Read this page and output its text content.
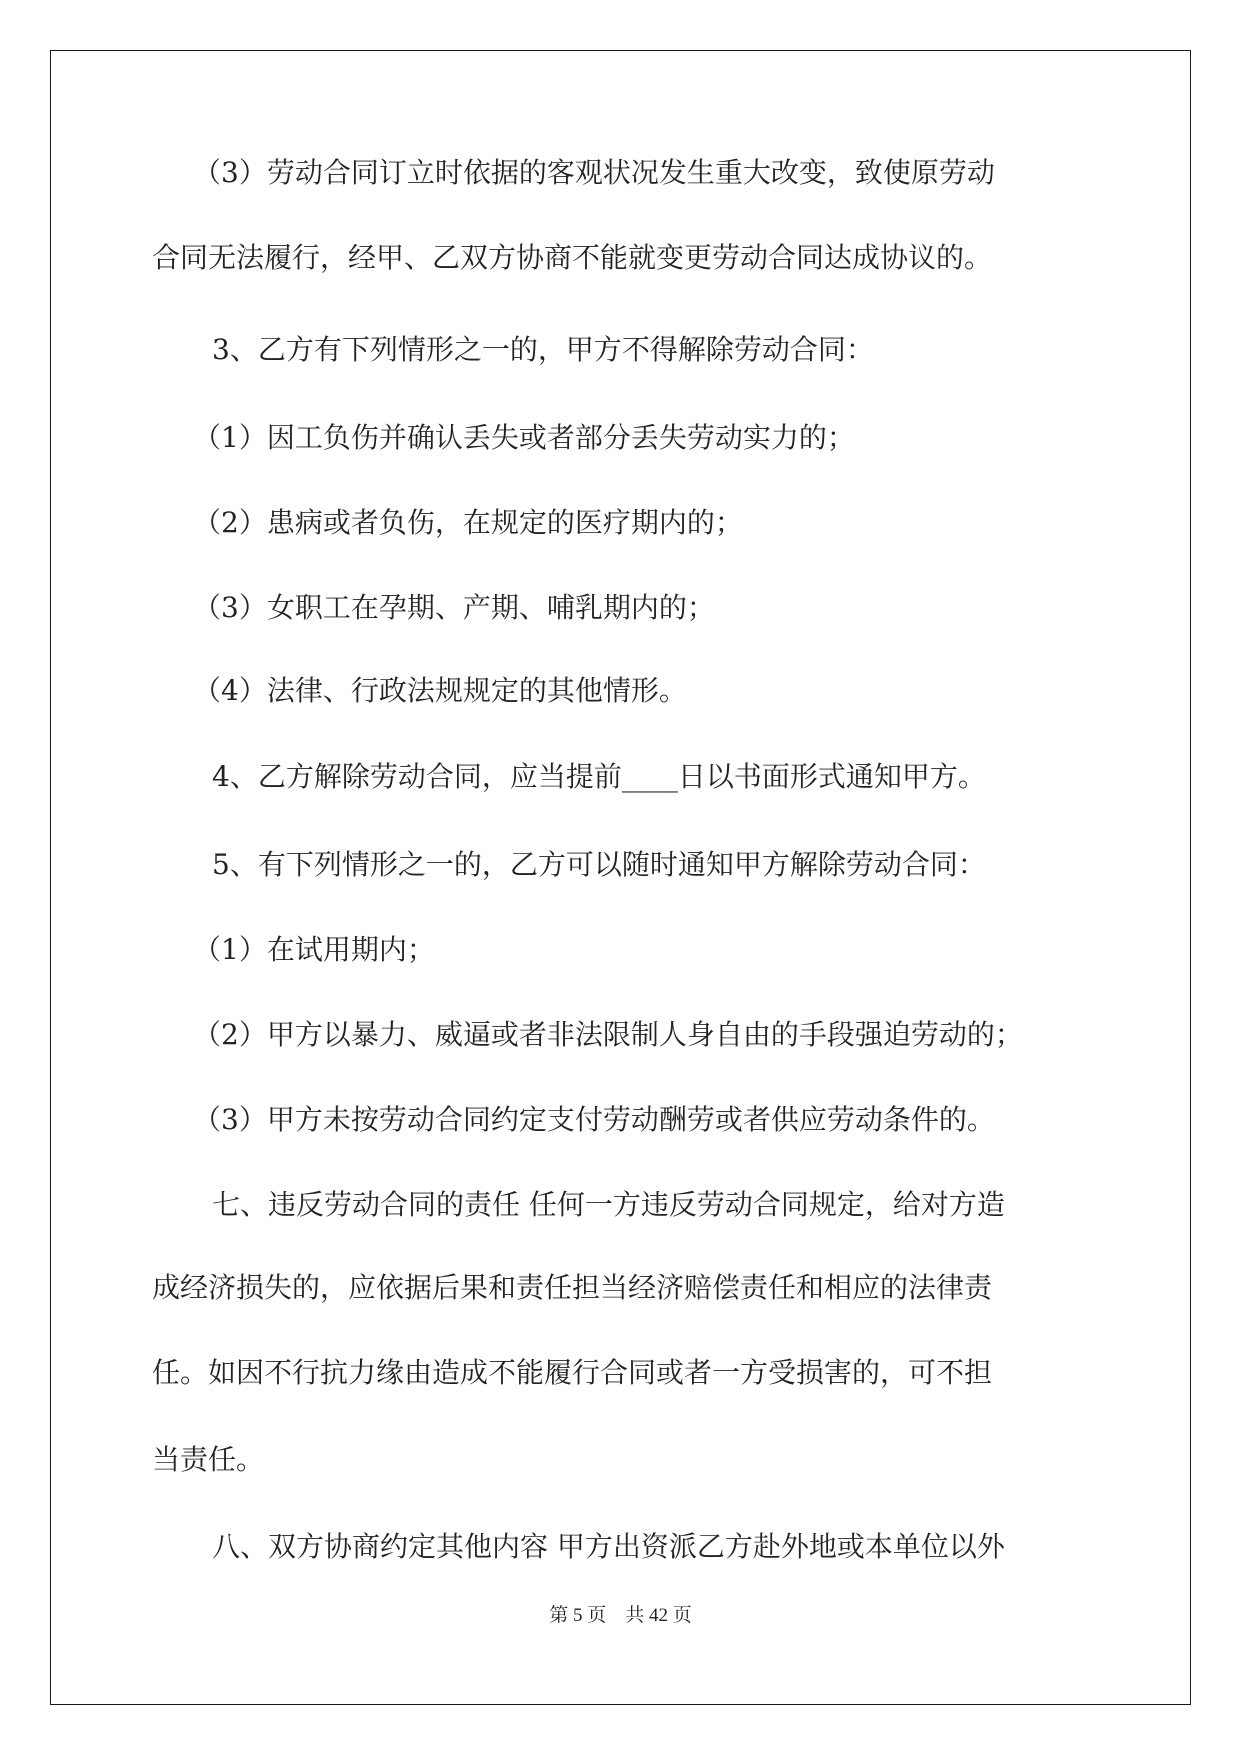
（3）劳动合同订立时依据的客观状况发生重大改变，致使原劳动
合同无法履行，经甲、乙双方协商不能就变更劳动合同达成协议的。
3、乙方有下列情形之一的，甲方不得解除劳动合同：
（1）因工负伤并确认丢失或者部分丢失劳动实力的；
（2）患病或者负伤，在规定的医疗期内的；
（3）女职工在孕期、产期、哺乳期内的；
（4）法律、行政法规规定的其他情形。
4、乙方解除劳动合同，应当提前____日以书面形式通知甲方。
5、有下列情形之一的，乙方可以随时通知甲方解除劳动合同：
（1）在试用期内；
（2）甲方以暴力、威逼或者非法限制人身自由的手段强迫劳动的；
（3）甲方未按劳动合同约定支付劳动酬劳或者供应劳动条件的。
七、违反劳动合同的责任 任何一方违反劳动合同规定，给对方造
成经济损失的，应依据后果和责任担当经济赔偿责任和相应的法律责
任。如因不行抗力缘由造成不能履行合同或者一方受损害的，可不担
当责任。
八、双方协商约定其他内容 甲方出资派乙方赴外地或本单位以外
第 5 页    共 42 页
